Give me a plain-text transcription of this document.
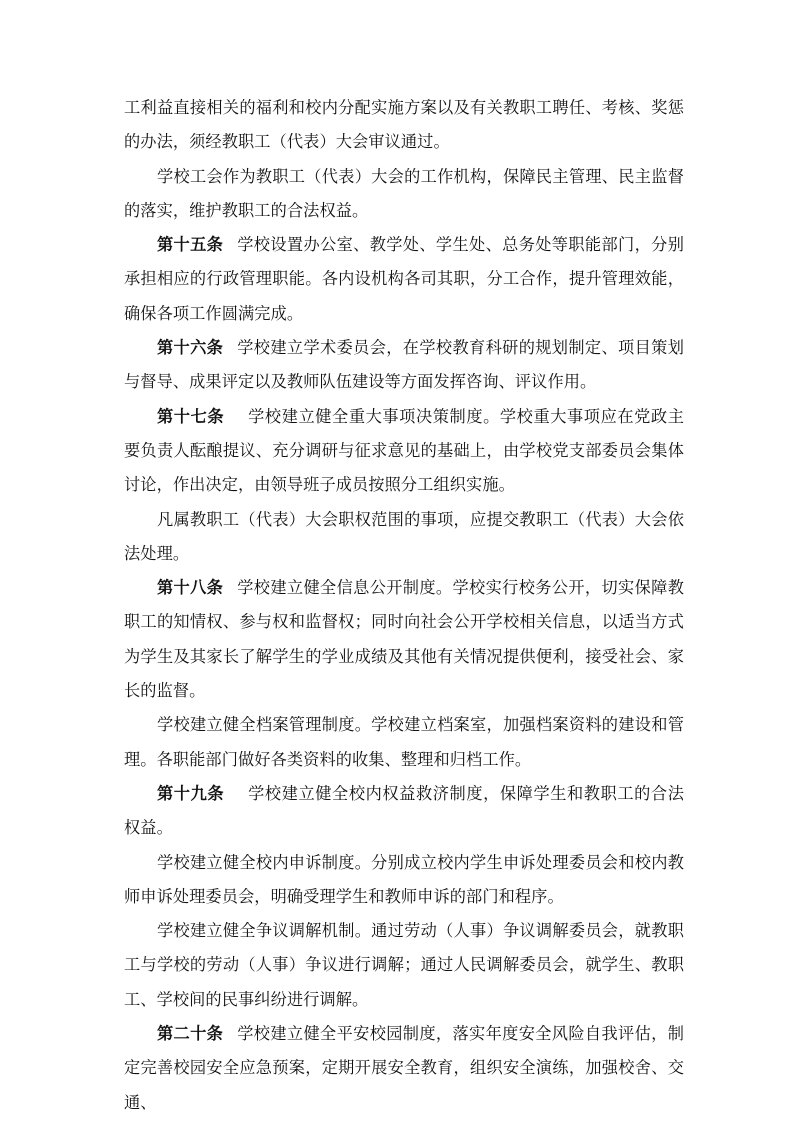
工利益直接相关的福利和校内分配实施方案以及有关教职工聘任、考核、奖惩的办法，须经教职工（代表）大会审议通过。

学校工会作为教职工（代表）大会的工作机构，保障民主管理、民主监督的落实，维护教职工的合法权益。

第十五条 学校设置办公室、教学处、学生处、总务处等职能部门，分别承担相应的行政管理职能。各内设机构各司其职，分工合作，提升管理效能，确保各项工作圆满完成。

第十六条 学校建立学术委员会，在学校教育科研的规划制定、项目策划与督导、成果评定以及教师队伍建设等方面发挥咨询、评议作用。

第十七条 学校建立健全重大事项决策制度。学校重大事项应在党政主要负责人酝酿提议、充分调研与征求意见的基础上，由学校党支部委员会集体讨论，作出决定，由领导班子成员按照分工组织实施。

凡属教职工（代表）大会职权范围的事项，应提交教职工（代表）大会依法处理。

第十八条 学校建立健全信息公开制度。学校实行校务公开，切实保障教职工的知情权、参与权和监督权；同时向社会公开学校相关信息，以适当方式为学生及其家长了解学生的学业成绩及其他有关情况提供便利，接受社会、家长的监督。

学校建立健全档案管理制度。学校建立档案室，加强档案资料的建设和管理。各职能部门做好各类资料的收集、整理和归档工作。

第十九条 学校建立健全校内权益救济制度，保障学生和教职工的合法权益。

学校建立健全校内申诉制度。分别成立校内学生申诉处理委员会和校内教师申诉处理委员会，明确受理学生和教师申诉的部门和程序。

学校建立健全争议调解机制。通过劳动（人事）争议调解委员会，就教职工与学校的劳动（人事）争议进行调解；通过人民调解委员会，就学生、教职工、学校间的民事纠纷进行调解。

第二十条 学校建立健全平安校园制度，落实年度安全风险自我评估，制定完善校园安全应急预案，定期开展安全教育，组织安全演练，加强校舍、交通、
